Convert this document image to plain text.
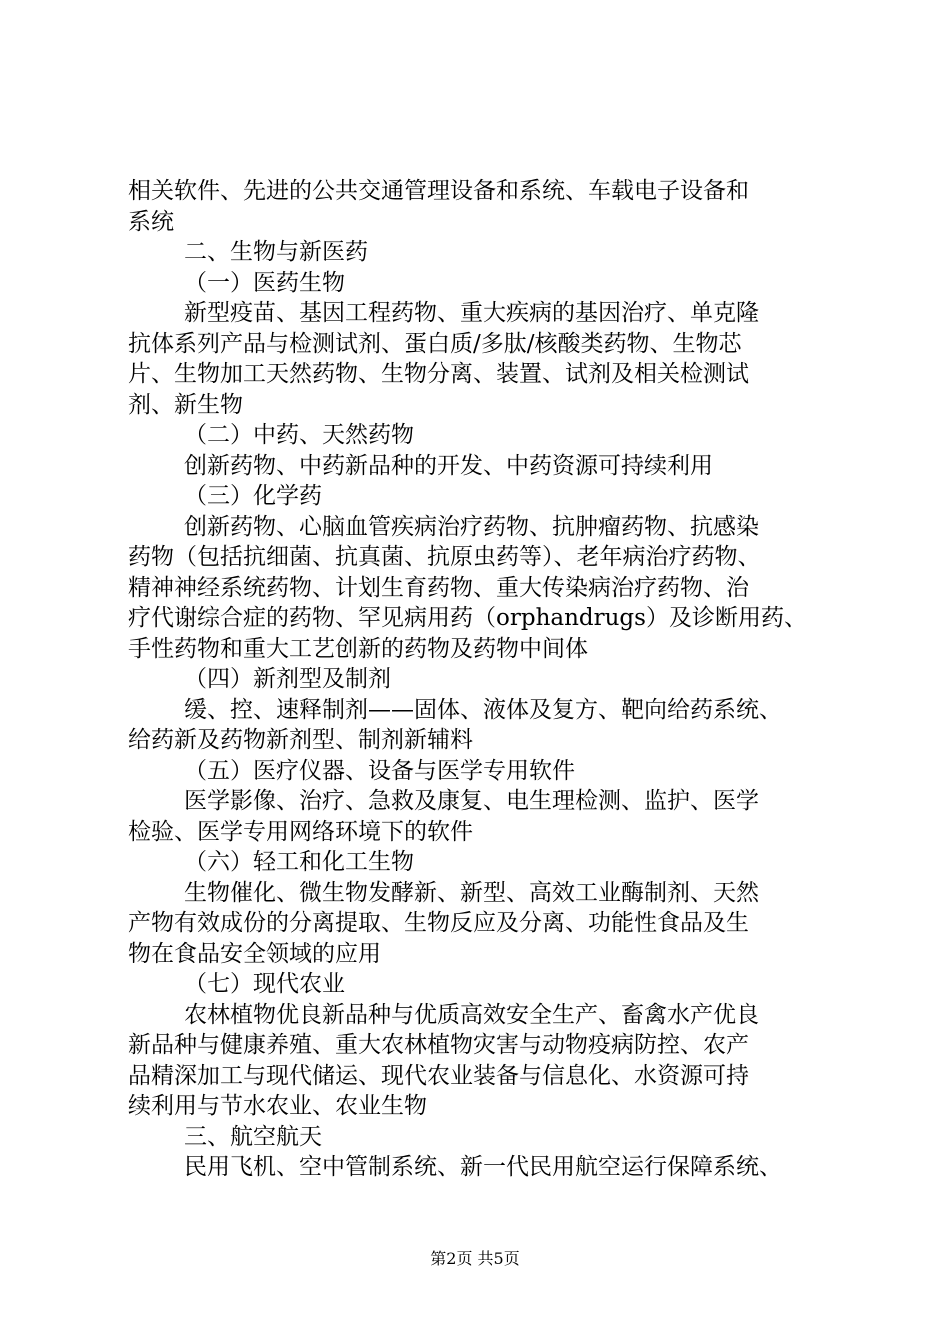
相关软件、先进的公共交通管理设备和系统、车载电子设备和
系统
二、生物与新医药
（一）医药生物
新型疫苗、基因工程药物、重大疾病的基因治疗、单克隆
抗体系列产品与检测试剂、蛋白质/多肽/核酸类药物、生物芯
片、生物加工天然药物、生物分离、装置、试剂及相关检测试
剂、新生物
（二）中药、天然药物
创新药物、中药新品种的开发、中药资源可持续利用
（三）化学药
创新药物、心脑血管疾病治疗药物、抗肿瘤药物、抗感染
药物（包括抗细菌、抗真菌、抗原虫药等）、老年病治疗药物、
精神神经系统药物、计划生育药物、重大传染病治疗药物、治
疗代谢综合症的药物、罕见病用药（orphandrugs）及诊断用药、
手性药物和重大工艺创新的药物及药物中间体
（四）新剂型及制剂
缓、控、速释制剂——固体、液体及复方、靶向给药系统、
给药新及药物新剂型、制剂新辅料
（五）医疗仪器、设备与医学专用软件
医学影像、治疗、急救及康复、电生理检测、监护、医学
检验、医学专用网络环境下的软件
（六）轻工和化工生物
生物催化、微生物发酵新、新型、高效工业酶制剂、天然
产物有效成份的分离提取、生物反应及分离、功能性食品及生
物在食品安全领域的应用
（七）现代农业
农林植物优良新品种与优质高效安全生产、畜禽水产优良
新品种与健康养殖、重大农林植物灾害与动物疫病防控、农产
品精深加工与现代储运、现代农业装备与信息化、水资源可持
续利用与节水农业、农业生物
三、航空航天
民用飞机、空中管制系统、新一代民用航空运行保障系统、
第2页 共5页
